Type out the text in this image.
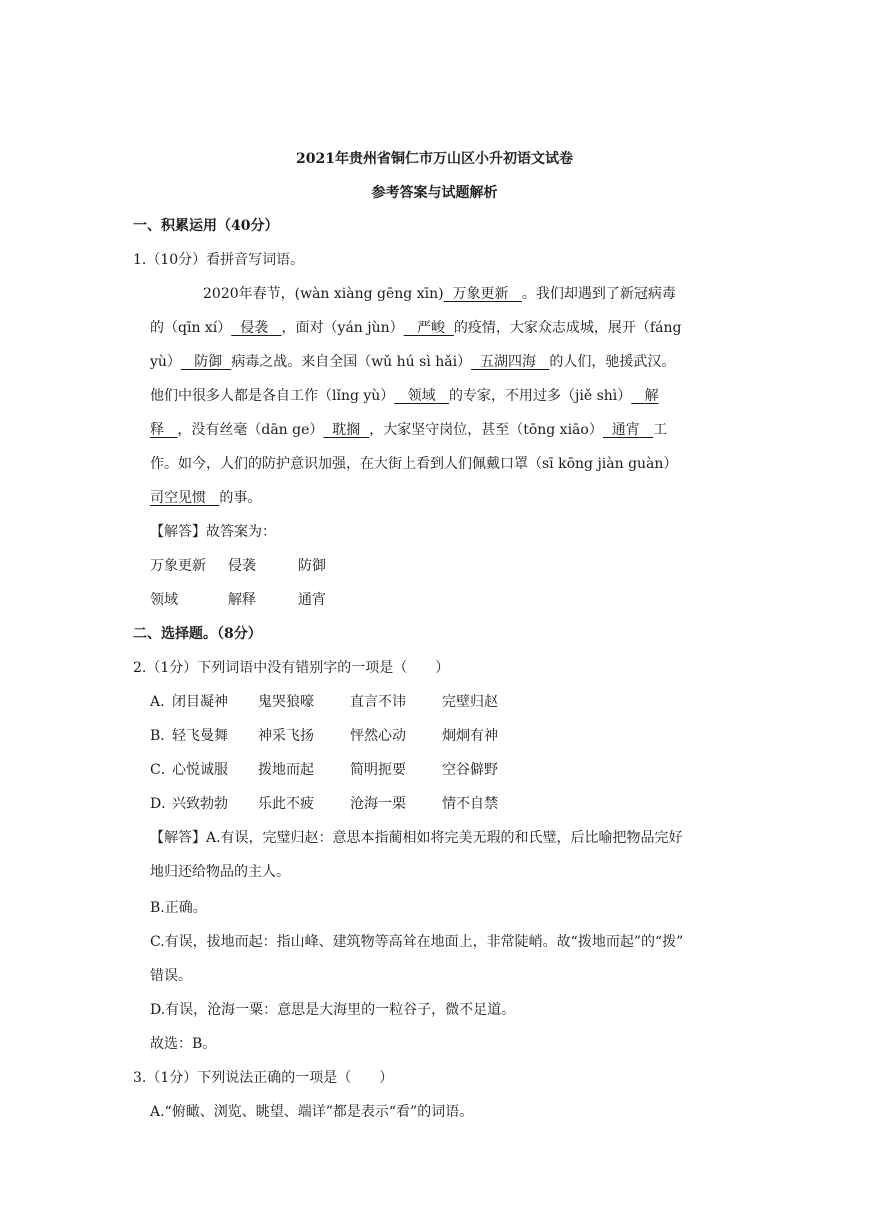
2021年贵州省铜仁市万山区小升初语文试卷
参考答案与试题解析
一、积累运用（40分）
1.（10分）看拼音写词语。
2020年春节，(wàn xiàng gēng xīn) 万象更新 。我们却遇到了新冠病毒
的（qīn xí） 侵袭 ，面对（yán jùn） 严峻 的疫情，大家众志成城，展开（fáng
yù） 防御 病毒之战。来自全国（wǔ hú sì hǎi） 五湖四海 的人们，驰援武汉。
他们中很多人都是各自工作（lǐng yù） 领域 的专家，不用过多（jiě shì） 解
释 ，没有丝毫（dān ge） 耽搁 ，大家坚守岗位，甚至（tōng xiāo） 通宵 工
作。如今，人们的防护意识加强，在大街上看到人们佩戴口罩（sī kōng jiàn guàn）
司空见惯 的事。
【解答】故答案为：
万象更新 侵袭	防御
领域	解释	通宵
二、选择题。（8分）
2.（1分）下列词语中没有错别字的一项是（　　）
A．闭目凝神 鬼哭狼嚎	直言不讳	完壁归赵
B．轻飞曼舞 神采飞扬	怦然心动	炯炯有神
C．心悦诚服 拨地而起	简明扼要	空谷僻野
D．兴致勃勃 乐此不疲	沧海一栗	情不自禁
【解答】A.有误，完璧归赵：意思本指蔺相如将完美无瑕的和氏璧，后比喻把物品完好
地归还给物品的主人。
B.正确。
C.有误，拔地而起：指山峰、建筑物等高耸在地面上，非常陡峭。故“拨地而起”的“拨”
错误。
D.有误，沧海一粟：意思是大海里的一粒谷子，微不足道。
故选：B。
3.（1分）下列说法正确的一项是（　　）
A.“俯瞰、浏览、眺望、端详”都是表示“看”的词语。
